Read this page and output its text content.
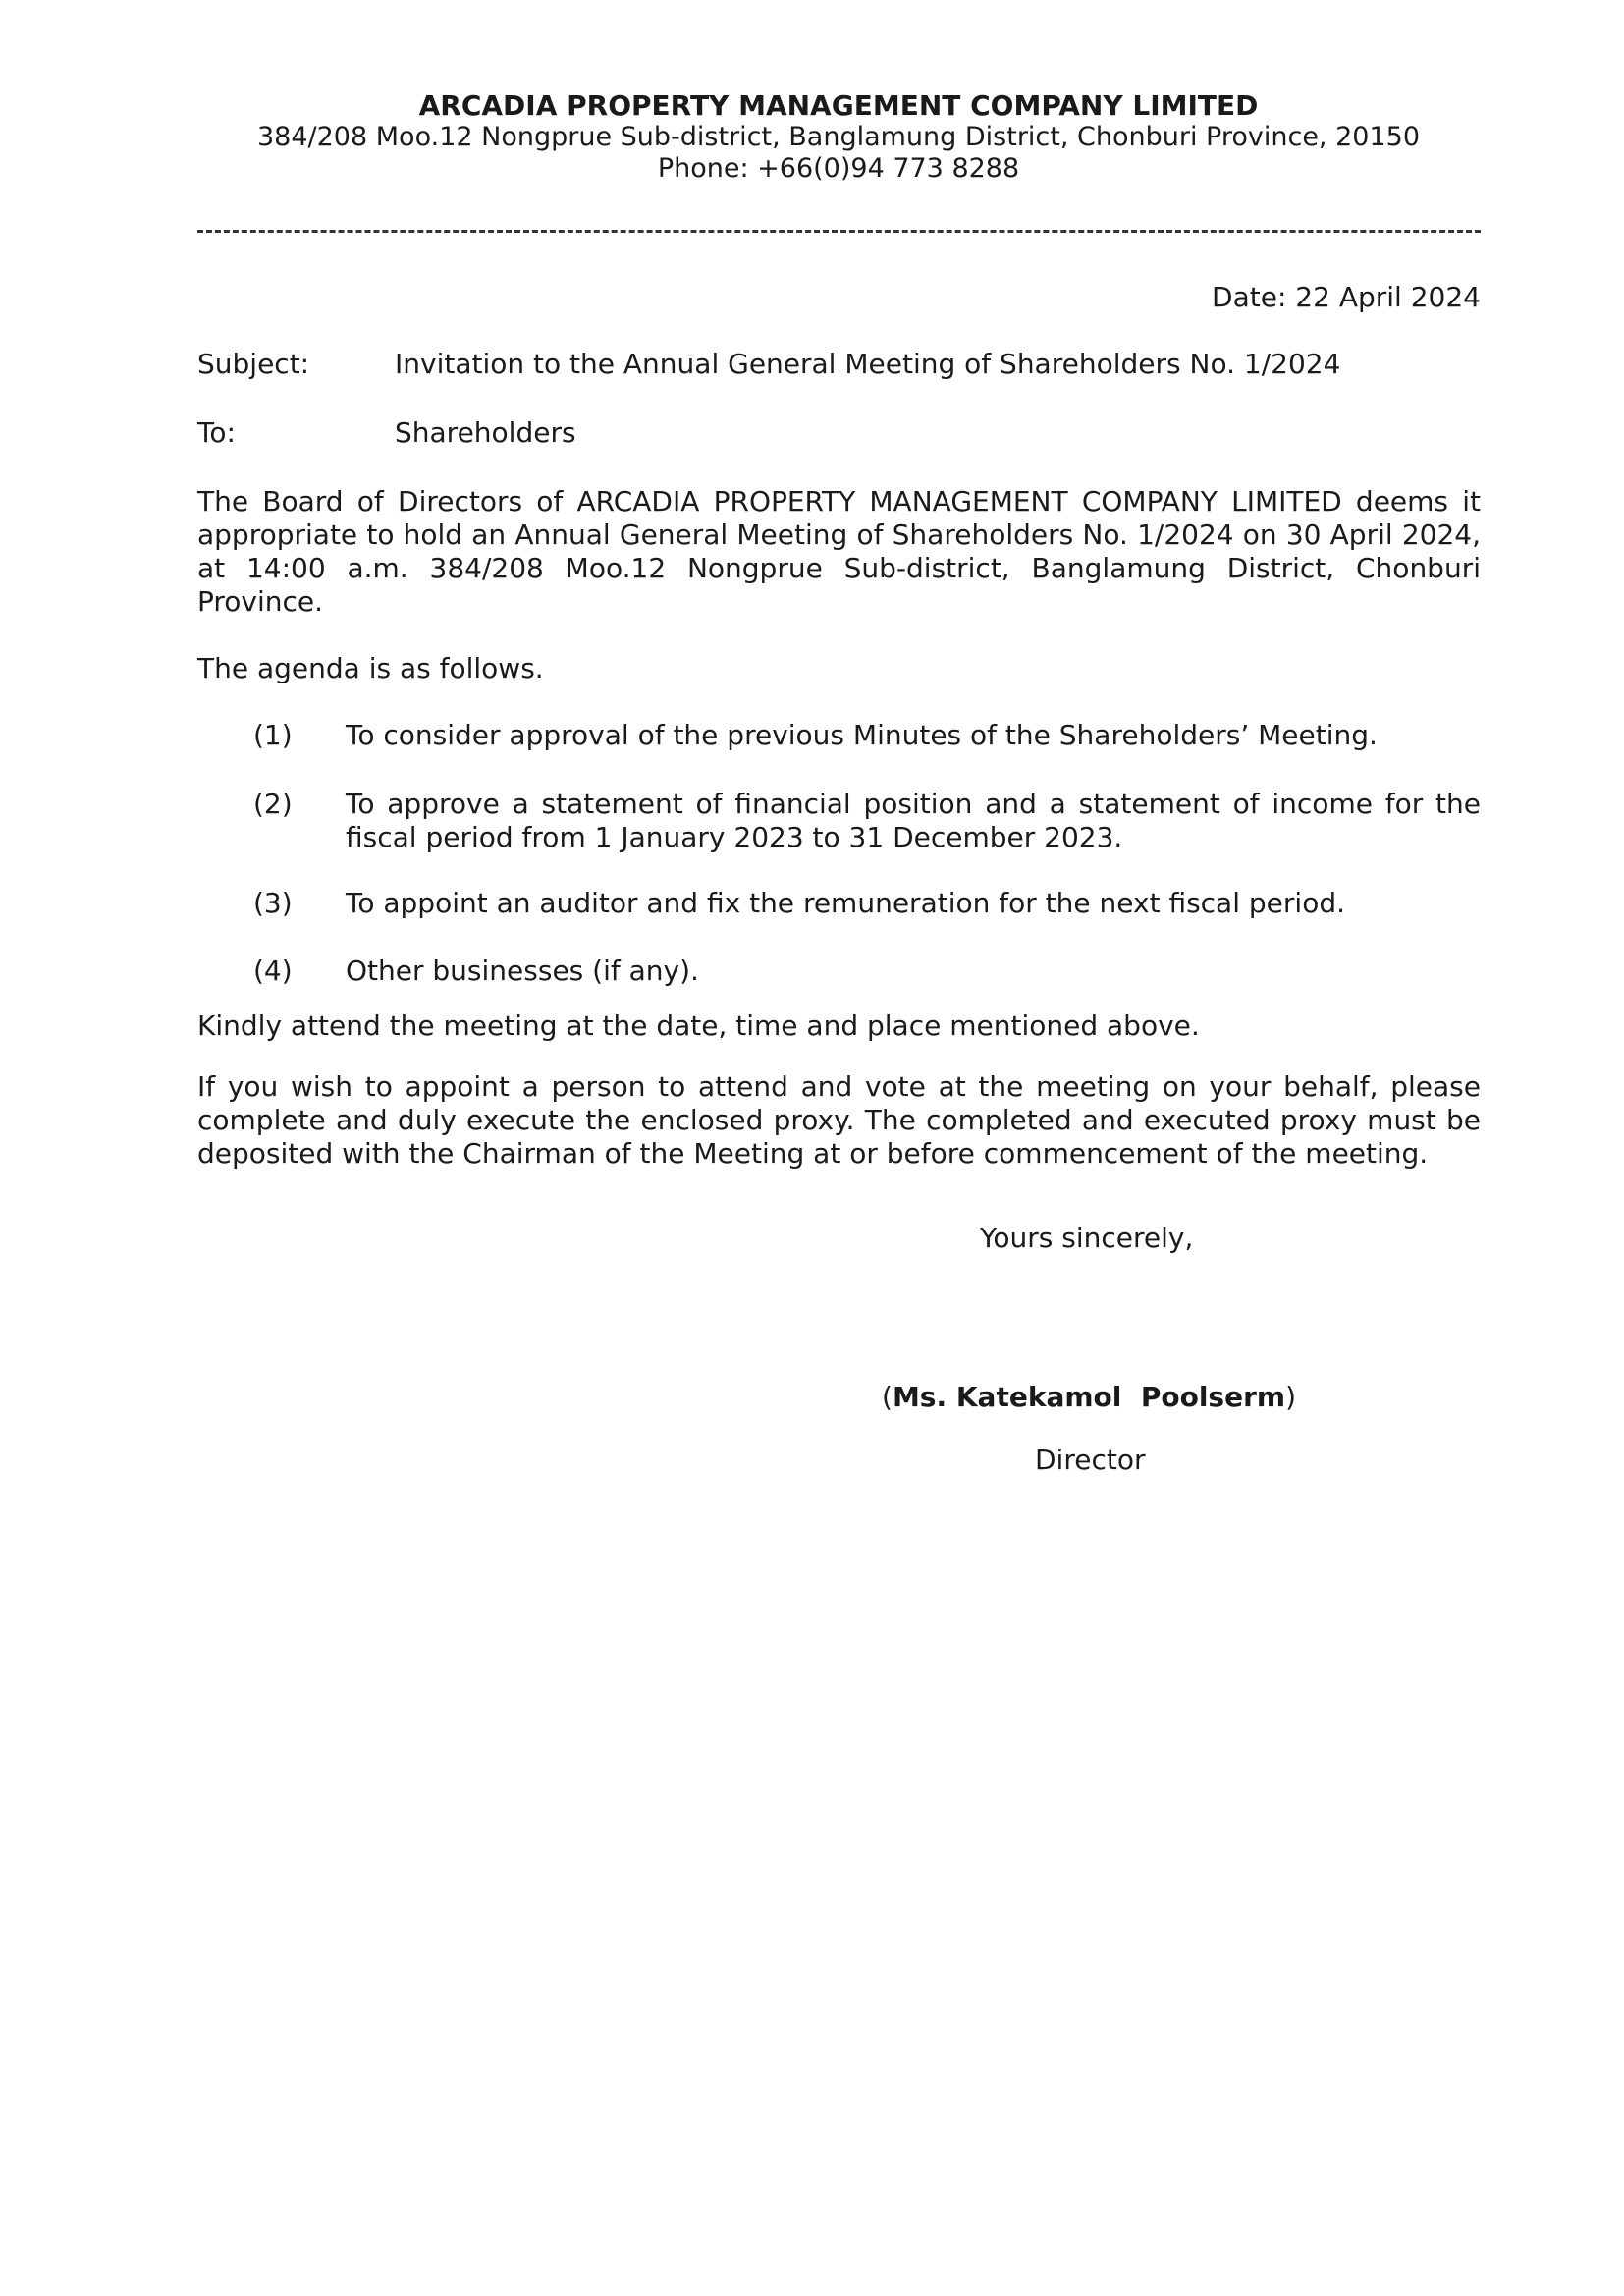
ARCADIA PROPERTY MANAGEMENT COMPANY LIMITED
384/208 Moo.12 Nongprue Sub-district, Banglamung District, Chonburi Province, 20150
Phone: +66(0)94 773 8288
Date: 22 April 2024
Subject:	Invitation to the Annual General Meeting of Shareholders No. 1/2024
To:	Shareholders
The Board of Directors of ARCADIA PROPERTY MANAGEMENT COMPANY LIMITED deems it appropriate to hold an Annual General Meeting of Shareholders No. 1/2024 on 30 April 2024, at 14:00 a.m. 384/208 Moo.12 Nongprue Sub-district, Banglamung District, Chonburi Province.
The agenda is as follows.
(1) To consider approval of the previous Minutes of the Shareholders’ Meeting.
(2) To approve a statement of financial position and a statement of income for the fiscal period from 1 January 2023 to 31 December 2023.
(3) To appoint an auditor and fix the remuneration for the next fiscal period.
(4) Other businesses (if any).
Kindly attend the meeting at the date, time and place mentioned above.
If you wish to appoint a person to attend and vote at the meeting on your behalf, please complete and duly execute the enclosed proxy. The completed and executed proxy must be deposited with the Chairman of the Meeting at or before commencement of the meeting.
Yours sincerely,
(Ms. Katekamol  Poolserm)
Director
